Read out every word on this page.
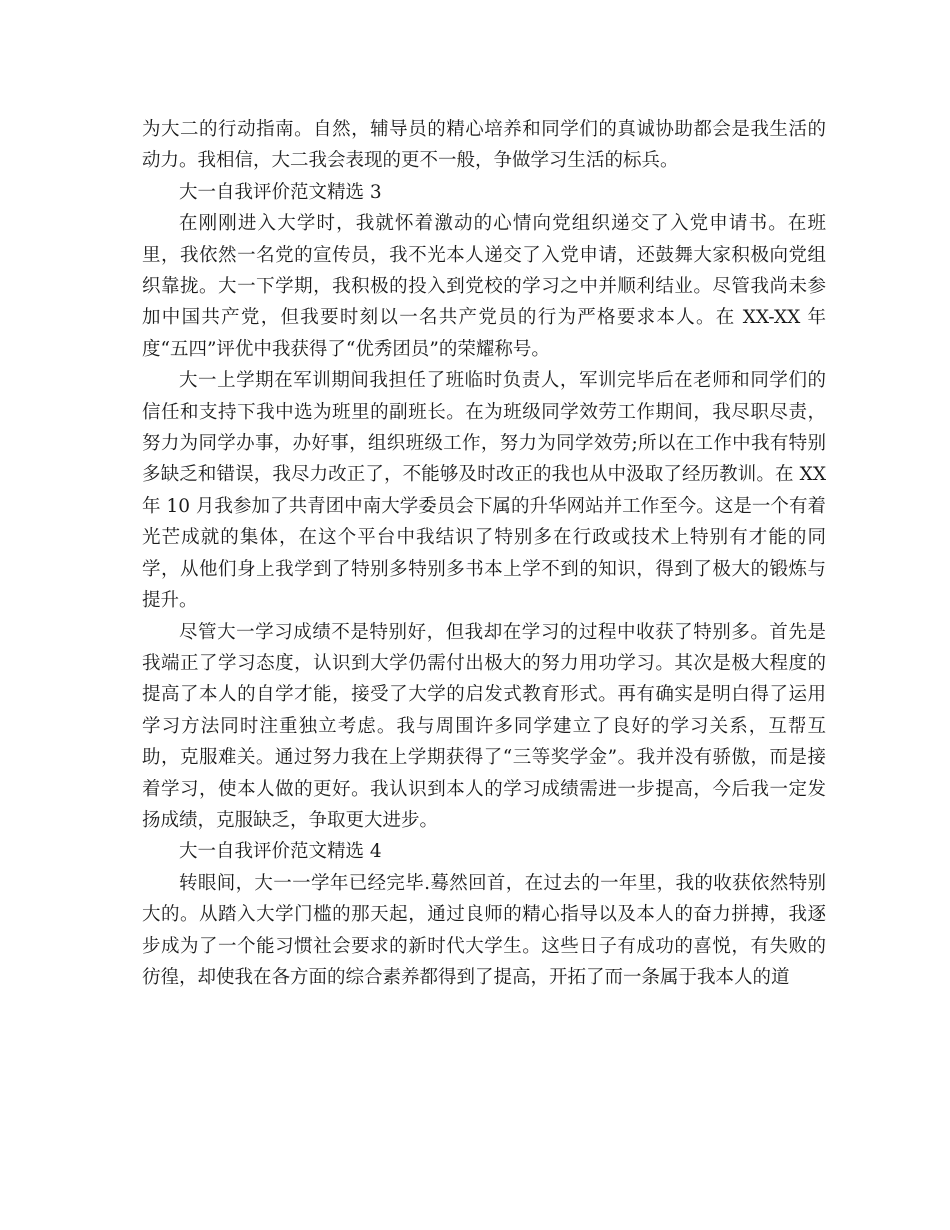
为大二的行动指南。自然，辅导员的精心培养和同学们的真诚协助都会是我生活的动力。我相信，大二我会表现的更不一般，争做学习生活的标兵。

大一自我评价范文精选 3

在刚刚进入大学时，我就怀着激动的心情向党组织递交了入党申请书。在班里，我依然一名党的宣传员，我不光本人递交了入党申请，还鼓舞大家积极向党组织靠拢。大一下学期，我积极的投入到党校的学习之中并顺利结业。尽管我尚未参加中国共产党，但我要时刻以一名共产党员的行为严格要求本人。在 XX-XX 年度“五四”评优中我获得了“优秀团员”的荣耀称号。

大一上学期在军训期间我担任了班临时负责人，军训完毕后在老师和同学们的信任和支持下我中选为班里的副班长。在为班级同学效劳工作期间，我尽职尽责，努力为同学办事，办好事，组织班级工作，努力为同学效劳;所以在工作中我有特别多缺乏和错误，我尽力改正了，不能够及时改正的我也从中汲取了经历教训。在 XX 年 10 月我参加了共青团中南大学委员会下属的升华网站并工作至今。这是一个有着光芒成就的集体，在这个平台中我结识了特别多在行政或技术上特别有才能的同学，从他们身上我学到了特别多特别多书本上学不到的知识，得到了极大的锻炼与提升。

尽管大一学习成绩不是特别好，但我却在学习的过程中收获了特别多。首先是我端正了学习态度，认识到大学仍需付出极大的努力用功学习。其次是极大程度的提高了本人的自学才能，接受了大学的启发式教育形式。再有确实是明白得了运用学习方法同时注重独立考虑。我与周围许多同学建立了良好的学习关系，互帮互助，克服难关。通过努力我在上学期获得了“三等奖学金”。我并没有骄傲，而是接着学习，使本人做的更好。我认识到本人的学习成绩需进一步提高，今后我一定发扬成绩，克服缺乏，争取更大进步。

大一自我评价范文精选 4

转眼间，大一一学年已经完毕.蓦然回首，在过去的一年里，我的收获依然特别大的。从踏入大学门槛的那天起，通过良师的精心指导以及本人的奋力拼搏，我逐步成为了一个能习惯社会要求的新时代大学生。这些日子有成功的喜悦，有失败的彷徨，却使我在各方面的综合素养都得到了提高，开拓了而一条属于我本人的道
